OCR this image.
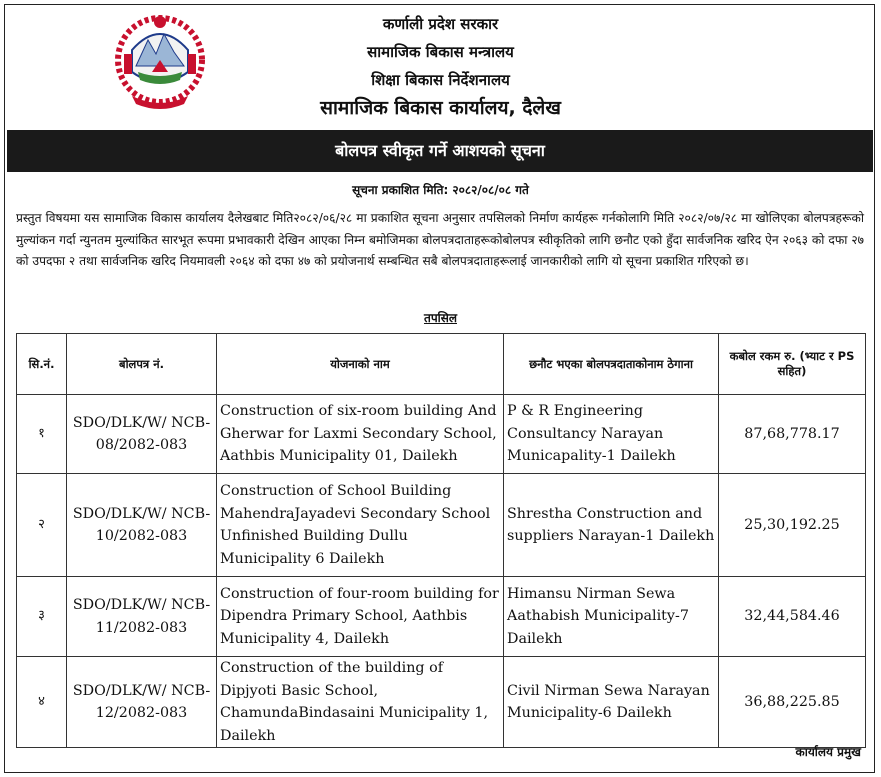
कर्णाली प्रदेश सरकार
सामाजिक बिकास मन्त्रालय
शिक्षा बिकास निर्देशनालय
सामाजिक बिकास कार्यालय, दैलेख
बोलपत्र स्वीकृत गर्ने आशयको सूचना
सूचना प्रकाशित मिति: २०८२/०८/०८ गते
प्रस्तुत विषयमा यस सामाजिक विकास कार्यालय दैलेखबाट मिति२०८२/०६/२८ मा प्रकाशित सूचना अनुसार तपसिलको निर्माण कार्यहरू गर्नकोलागि मिति २०८२/०७/२८ मा खोलिएका बोलपत्रहरूको मुल्यांकन गर्दा न्युनतम मुल्यांकित सारभूत रूपमा प्रभावकारी देखिन आएका निम्न बमोजिमका बोलपत्रदाताहरूकोबोलपत्र स्वीकृतिको लागि छनौट एको हुँदा सार्वजनिक खरिद ऐन २०६३ को दफा २७ को उपदफा २ तथा सार्वजनिक खरिद नियमावली २०६४ को दफा ४७ को प्रयोजनार्थ सम्बन्धित सबै बोलपत्रदाताहरूलाई जानकारीको लागि यो सूचना प्रकाशित गरिएको छ।
तपसिल
सि.नं.	बोलपत्र नं.	योजनाको नाम	छनौट भएका बोलपत्रदाताकोनाम ठेगाना	कबोल रकम रु. (भ्याट र PS सहित)
१	SDO/DLK/W/ NCB-08/2082-083	Construction of six-room building And Gherwar for Laxmi Secondary School, Aathbis Municipality 01, Dailekh	P & R Engineering Consultancy Narayan Municapality-1 Dailekh	87,68,778.17
२	SDO/DLK/W/ NCB-10/2082-083	Construction of School Building MahendraJayadevi Secondary School Unfinished Building Dullu Municipality 6 Dailekh	Shrestha Construction and suppliers Narayan-1 Dailekh	25,30,192.25
३	SDO/DLK/W/ NCB-11/2082-083	Construction of four-room building for Dipendra Primary School, Aathbis Municipality 4, Dailekh	Himansu Nirman Sewa Aathabish Municipality-7 Dailekh	32,44,584.46
४	SDO/DLK/W/ NCB-12/2082-083	Construction of the building of Dipjyoti Basic School, ChamundaBindasaini Municipality 1, Dailekh	Civil Nirman Sewa Narayan Municipality-6 Dailekh	36,88,225.85
कार्यालय प्रमुख
